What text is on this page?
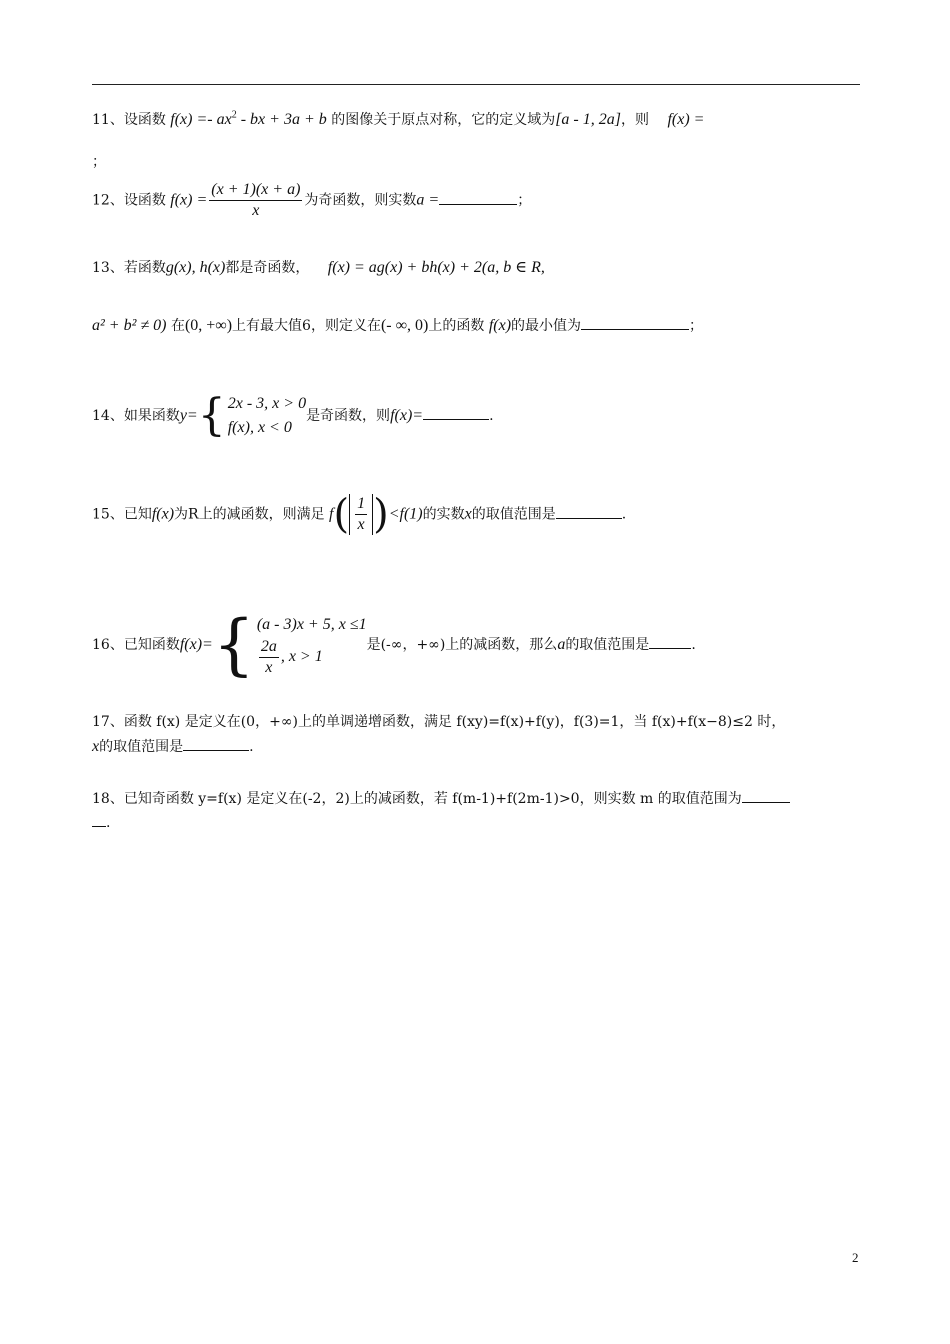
11、设函数 $f(x) =- ax^2$ - bx + 3a + b 的图像关于原点对称，它的定义域为[a - 1, 2a]，则 f(x) =
；
12、设函数 $f(x) = \frac{(x + 1)(x + a)}{x}$ 为奇函数，则实数a =	；
13、若函数g(x), h(x)都是奇函数， f(x) = ag(x) + bh(x) + 2(a, b ∈ R,
a² + b² ≠ 0) 在(0, +∞)上有最大值6，则定义在(- ∞, 0)上的函数 f(x)的最小值为	；
14、如果函数y= { 2x - 3, x > 0
f(x), x < 0
是奇函数，则f(x)=	.
15、已知f(x)为R上的减函数，则满足 $f( \frac{1}{x} )<f(1)$的实数x的取值范围是	.
16、已知函数f(x)= { (a - 3)x + 5, x ≤1
$\frac{2a}{x}$ , x > 1
是(-∞，+∞)上的减函数，那么a的取值范围是	.
17、函数 f(x) 是定义在(0，+∞)上的单调递增函数，满足 f(xy)=f(x)+f(y)，f(3)=1，当 f(x)+f(x−8)≤2 时，
x的取值范围是	.
18、已知奇函数 y=f(x) 是定义在(-2，2)上的减函数，若 f(m-1)+f(2m-1)>0，则实数 m 的取值范围为
.
2
